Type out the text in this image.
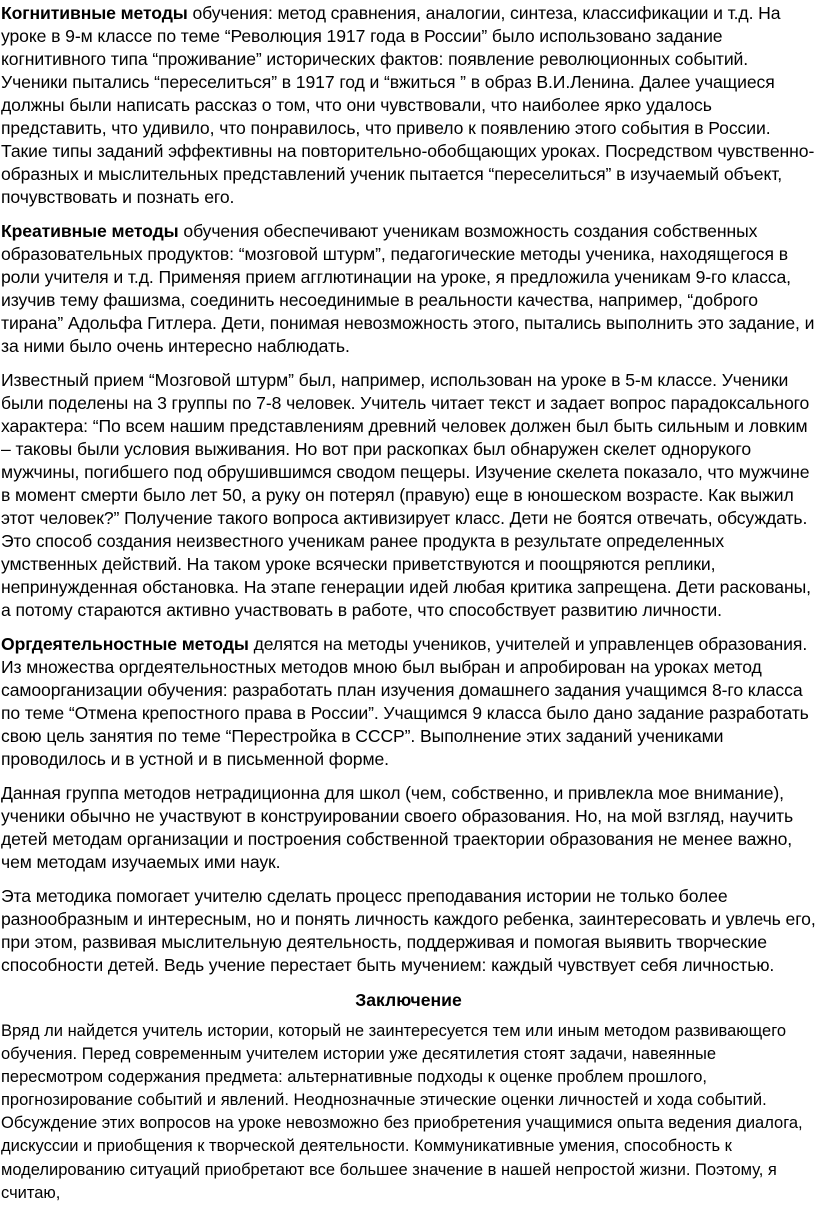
Когнитивные методы обучения: метод сравнения, аналогии, синтеза, классификации и т.д. На уроке в 9-м классе по теме “Революция 1917 года в России” было использовано задание когнитивного типа “проживание” исторических фактов: появление революционных событий. Ученики пытались “переселиться” в 1917 год и “вжиться ” в образ В.И.Ленина. Далее учащиеся должны были написать рассказ о том, что они чувствовали, что наиболее ярко удалось представить, что удивило, что понравилось, что привело к появлению этого события в России. Такие типы заданий эффективны на повторительно-обобщающих уроках. Посредством чувственно-образных и мыслительных представлений ученик пытается “переселиться” в изучаемый объект, почувствовать и познать его.

Креативные методы обучения обеспечивают ученикам возможность создания собственных образовательных продуктов: “мозговой штурм”, педагогические методы ученика, находящегося в роли учителя и т.д. Применяя прием агглютинации на уроке, я предложила ученикам 9-го класса, изучив тему фашизма, соединить несоединимые в реальности качества, например, “доброго тирана” Адольфа Гитлера. Дети, понимая невозможность этого, пытались выполнить это задание, и за ними было очень интересно наблюдать.

Известный прием “Мозговой штурм” был, например, использован на уроке в 5-м классе. Ученики были поделены на 3 группы по 7-8 человек. Учитель читает текст и задает вопрос парадоксального характера: “По всем нашим представлениям древний человек должен был быть сильным и ловким – таковы были условия выживания. Но вот при раскопках был обнаружен скелет однорукого мужчины, погибшего под обрушившимся сводом пещеры. Изучение скелета показало, что мужчине в момент смерти было лет 50, а руку он потерял (правую) еще в юношеском возрасте. Как выжил этот человек?” Получение такого вопроса активизирует класс. Дети не боятся отвечать, обсуждать. Это способ создания неизвестного ученикам ранее продукта в результате определенных умственных действий. На таком уроке всячески приветствуются и поощряются реплики, непринужденная обстановка. На этапе генерации идей любая критика запрещена. Дети раскованы, а потому стараются активно участвовать в работе, что способствует развитию личности.

Оргдеятельностные методы делятся на методы учеников, учителей и управленцев образования. Из множества оргдеятельностных методов мною был выбран и апробирован на уроках метод самоорганизации обучения: разработать план изучения домашнего задания учащимся 8-го класса по теме “Отмена крепостного права в России”. Учащимся 9 класса было дано задание разработать свою цель занятия по теме “Перестройка в СССР”. Выполнение этих заданий учениками проводилось и в устной и в письменной форме.

Данная группа методов нетрадиционна для школ (чем, собственно, и привлекла мое внимание), ученики обычно не участвуют в конструировании своего образования. Но, на мой взгляд, научить детей методам организации и построения собственной траектории образования не менее важно, чем методам изучаемых ими наук.

Эта методика помогает учителю сделать процесс преподавания истории не только более разнообразным и интересным, но и понять личность каждого ребенка, заинтересовать и увлечь его, при этом, развивая мыслительную деятельность, поддерживая и помогая выявить творческие способности детей. Ведь учение перестает быть мучением: каждый чувствует себя личностью.

Заключение

Вряд ли найдется учитель истории, который не заинтересуется тем или иным методом развивающего обучения. Перед современным учителем истории уже десятилетия стоят задачи, навеянные пересмотром содержания предмета: альтернативные подходы к оценке проблем прошлого, прогнозирование событий и явлений. Неоднозначные этические оценки личностей и хода событий. Обсуждение этих вопросов на уроке невозможно без приобретения учащимися опыта ведения диалога, дискуссии и приобщения к творческой деятельности. Коммуникативные умения, способность к моделированию ситуаций приобретают все большее значение в нашей непростой жизни. Поэтому, я считаю,
